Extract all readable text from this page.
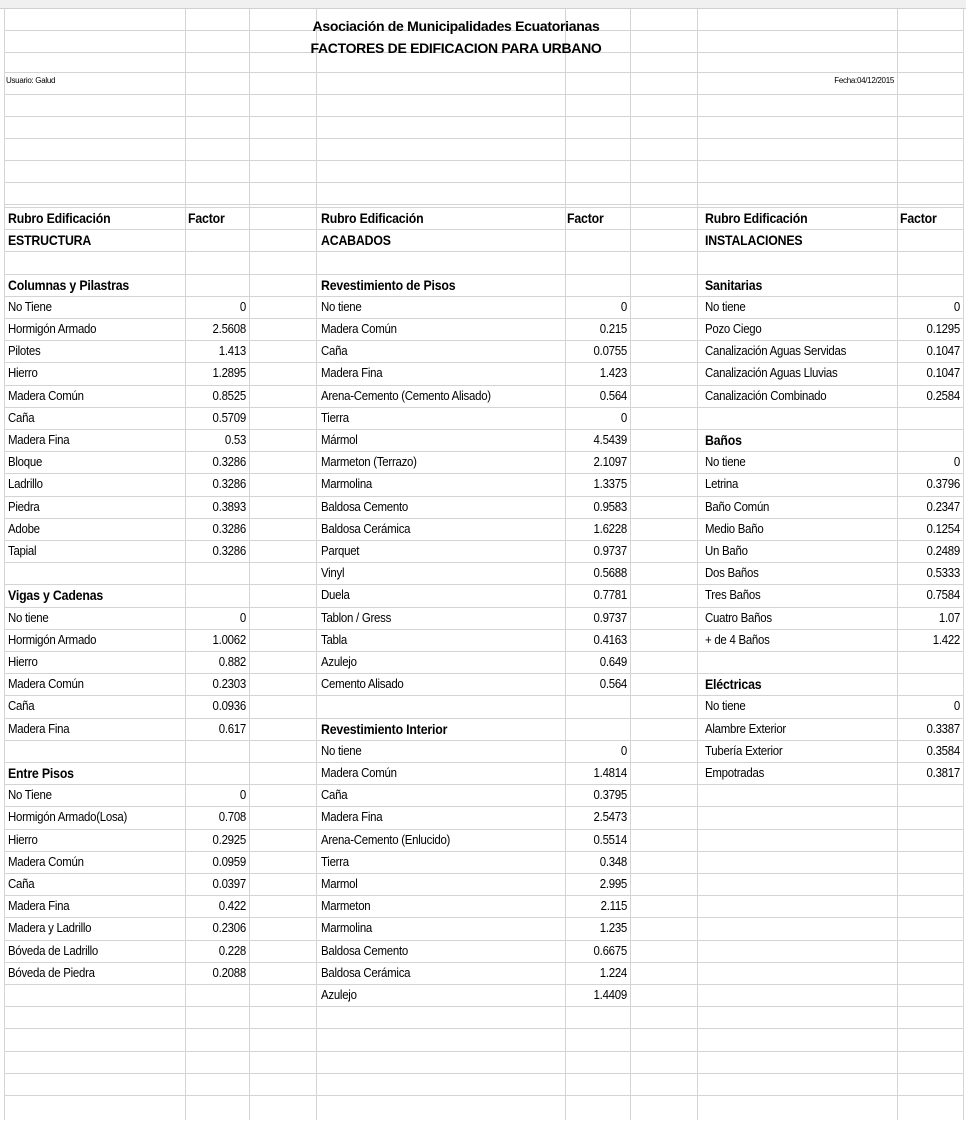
Asociación de Municipalidades Ecuatorianas
FACTORES DE EDIFICACION PARA URBANO
Usuario: Galud	Fecha:04/12/2015
Rubro Edificación	Factor
ESTRUCTURA
Columnas y Pilastras
No Tiene	0
Hormigón Armado	2.5608
Pilotes	1.413
Hierro	1.2895
Madera Común	0.8525
Caña	0.5709
Madera Fina	0.53
Bloque	0.3286
Ladrillo	0.3286
Piedra	0.3893
Adobe	0.3286
Tapial	0.3286
Vigas y Cadenas
No tiene	0
Hormigón Armado	1.0062
Hierro	0.882
Madera Común	0.2303
Caña	0.0936
Madera Fina	0.617
Entre Pisos
No Tiene	0
Hormigón Armado(Losa)	0.708
Hierro	0.2925
Madera Común	0.0959
Caña	0.0397
Madera Fina	0.422
Madera y Ladrillo	0.2306
Bóveda de Ladrillo	0.228
Bóveda de Piedra	0.2088
Rubro Edificación	Factor
ACABADOS
Revestimiento de Pisos
No tiene	0
Madera Común	0.215
Caña	0.0755
Madera Fina	1.423
Arena-Cemento (Cemento Alisado)	0.564
Tierra	0
Mármol	4.5439
Marmeton (Terrazo)	2.1097
Marmolina	1.3375
Baldosa Cemento	0.9583
Baldosa Cerámica	1.6228
Parquet	0.9737
Vinyl	0.5688
Duela	0.7781
Tablon / Gress	0.9737
Tabla	0.4163
Azulejo	0.649
Cemento Alisado	0.564
Revestimiento Interior
No tiene	0
Madera Común	1.4814
Caña	0.3795
Madera Fina	2.5473
Arena-Cemento (Enlucido)	0.5514
Tierra	0.348
Marmol	2.995
Marmeton	2.115
Marmolina	1.235
Baldosa Cemento	0.6675
Baldosa Cerámica	1.224
Azulejo	1.4409
Rubro Edificación	Factor
INSTALACIONES
Sanitarias
No tiene	0
Pozo Ciego	0.1295
Canalización Aguas Servidas	0.1047
Canalización Aguas Lluvias	0.1047
Canalización Combinado	0.2584
Baños
No tiene	0
Letrina	0.3796
Baño Común	0.2347
Medio Baño	0.1254
Un Baño	0.2489
Dos Baños	0.5333
Tres Baños	0.7584
Cuatro Baños	1.07
+ de 4 Baños	1.422
Eléctricas
No tiene	0
Alambre Exterior	0.3387
Tubería Exterior	0.3584
Empotradas	0.3817
